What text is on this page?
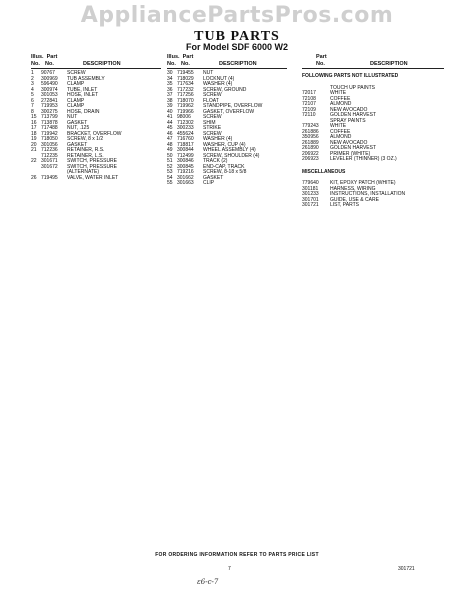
AppliancePartsPros.com
TUB PARTS
For Model SDF 6000 W2
Illus. Part
No. No.	DESCRIPTION
1	90767	SCREW
2	300969	TUB ASSEMBLY
3	596490	CLAMP
4	300974	TUBE, INLET
5	301053	HOSE, INLET
6	272841	CLAMP
7	719953	CLAMP
8	300275	HOSE, DRAIN
15 713799	NUT
16 713878	GASKET
17 717488	NUT, .125
18 719942	BRACKET, OVERFLOW
19 718050	SCREW, 8 x 1/2
20 301056	GASKET
21 712236	RETAINER, R.S.
712235	RETAINER, L.S.
22 301671	SWITCH, PRESSURE
301672	SWITCH, PRESSURE
(ALTERNATE)
26 719495	VALVE, WATER INLET
Illus. Part
No. No.	DESCRIPTION
30 719455	NUT
34 718029	LOCKNUT (4)
35 717634	WASHER (4)
36 717232	SCREW, GROUND
37 717256	SCREW
38 718070	FLOAT
39 719962	STANDPIPE, OVERFLOW
40 719966	GASKET, OVERFLOW
41 98006	SCREW
44 712302	SHIM
45 300233	STRIKE
46 455624	SCREW
47 716760	WASHER (4)
48 718817	WASHER, CUP (4)
49 300844	WHEEL ASSEMBLY (4)
50 712499	SCREW, SHOULDER (4)
51 300846	TRACK (2)
52 300845	END-CAP, TRACK
53 719216	SCREW, 8-18 x 5/8
54 301662	GASKET
55 301663	CLIP
Part
No.	DESCRIPTION
FOLLOWING PARTS NOT ILLUSTRATED
TOUCH UP PAINTS
72017	WHITE
72108	COFFEE
72107	ALMOND
72109	NEW AVOCADO
72110	GOLDEN HARVEST
SPRAY PAINTS
779243	WHITE
261886	COFFEE
350956	ALMOND
261889	NEW AVOCADO
261890	GOLDEN HARVEST
206922	PRIMER (WHITE)
206923	LEVELER (THINNER) (3 OZ.)
MISCELLANEOUS
779640	KIT, EPOXY PATCH (WHITE)
301181	HARNESS, WIRING
301233	INSTRUCTIONS, INSTALLATION
301701	GUIDE, USE & CARE
301721	LIST, PARTS
FOR ORDERING INFORMATION REFER TO PARTS PRICE LIST
7	301721
ε6-c-7
